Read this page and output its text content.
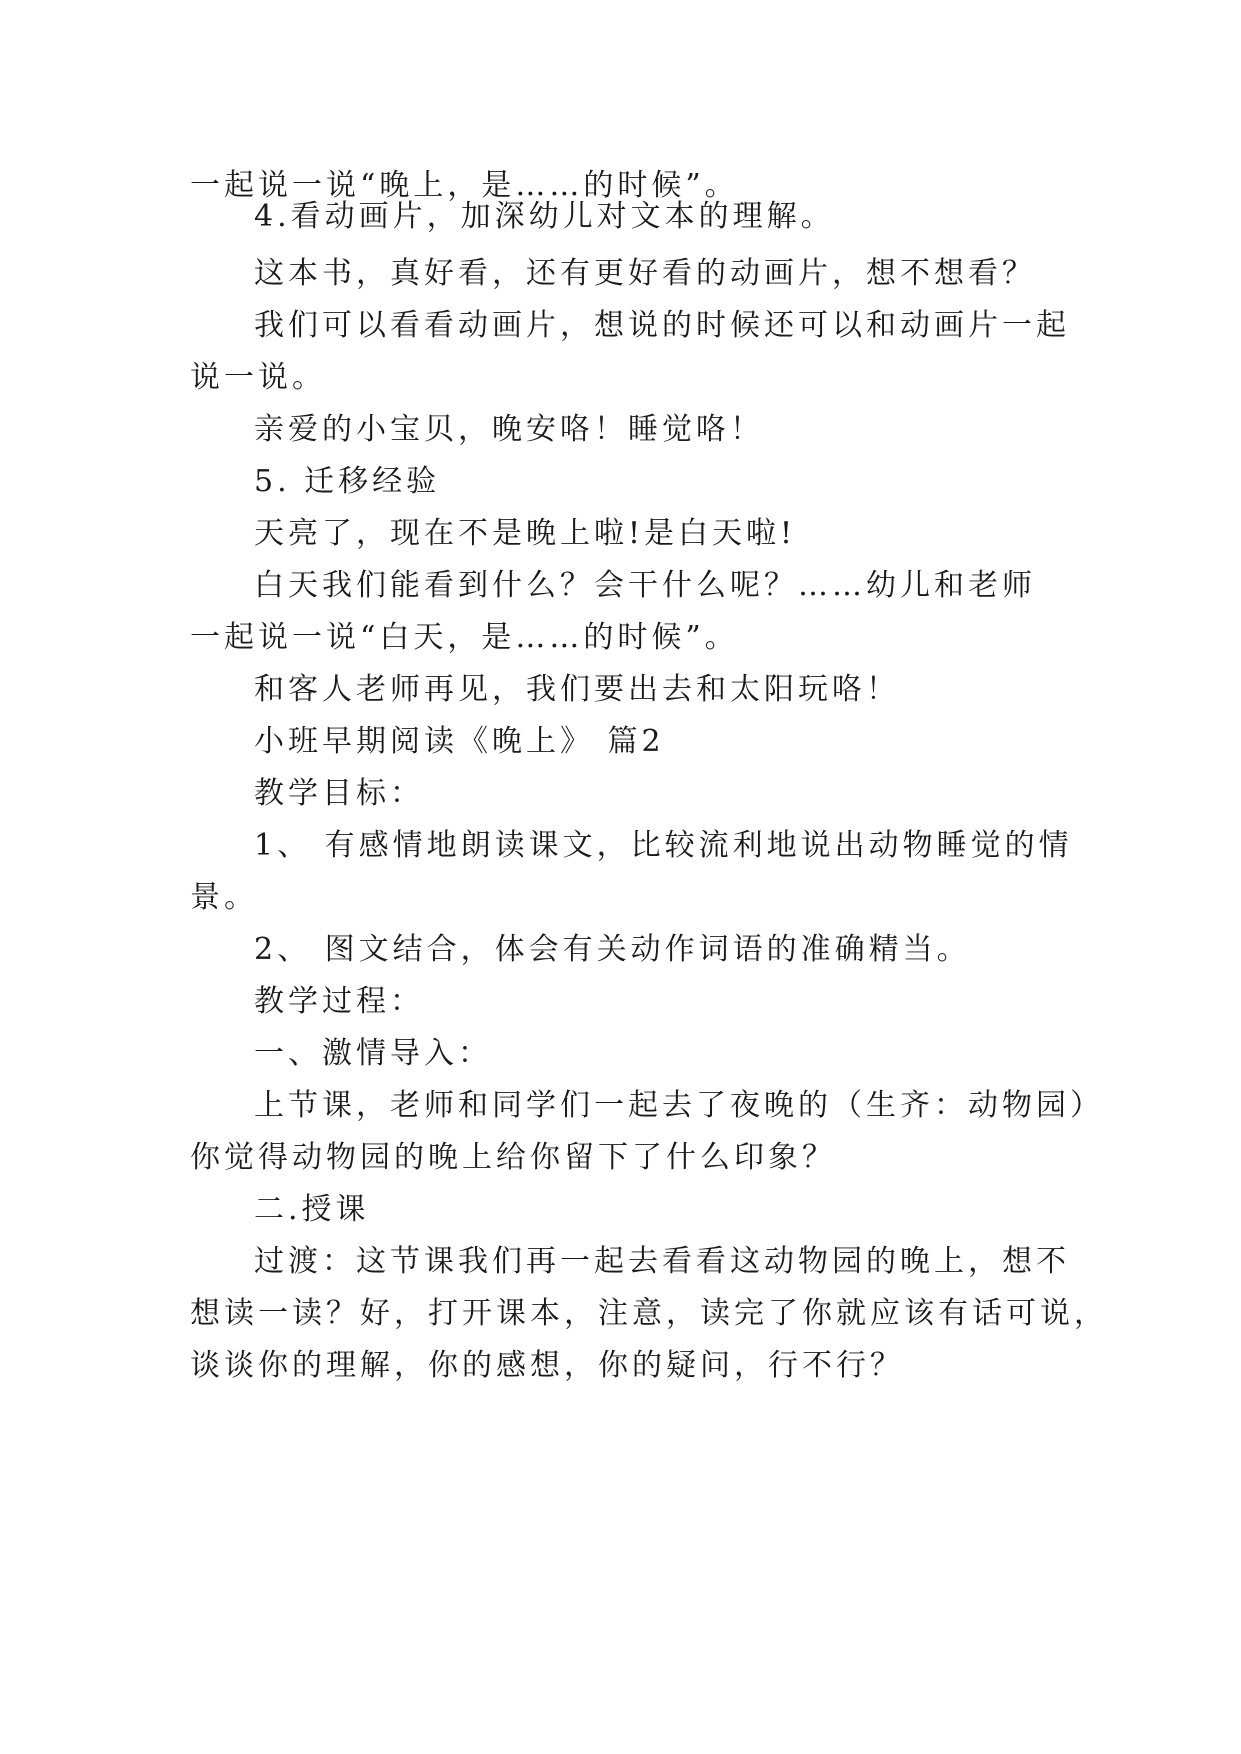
一起说一说“晚上，是……的时候”。
4.看动画片，加深幼儿对文本的理解。
这本书，真好看，还有更好看的动画片，想不想看？
我们可以看看动画片，想说的时候还可以和动画片一起
说一说。
亲爱的小宝贝，晚安咯！睡觉咯！
5. 迁移经验
天亮了，现在不是晚上啦!是白天啦!
白天我们能看到什么？会干什么呢？……幼儿和老师
一起说一说“白天，是……的时候”。
和客人老师再见，我们要出去和太阳玩咯！
小班早期阅读《晚上》 篇2
教学目标：
1、 有感情地朗读课文，比较流利地说出动物睡觉的情
景。
2、 图文结合，体会有关动作词语的准确精当。
教学过程：
一、激情导入：
上节课，老师和同学们一起去了夜晚的（生齐：动物园）
你觉得动物园的晚上给你留下了什么印象？
二.授课
过渡：这节课我们再一起去看看这动物园的晚上，想不
想读一读？好，打开课本，注意，读完了你就应该有话可说，
谈谈你的理解，你的感想，你的疑问，行不行？
